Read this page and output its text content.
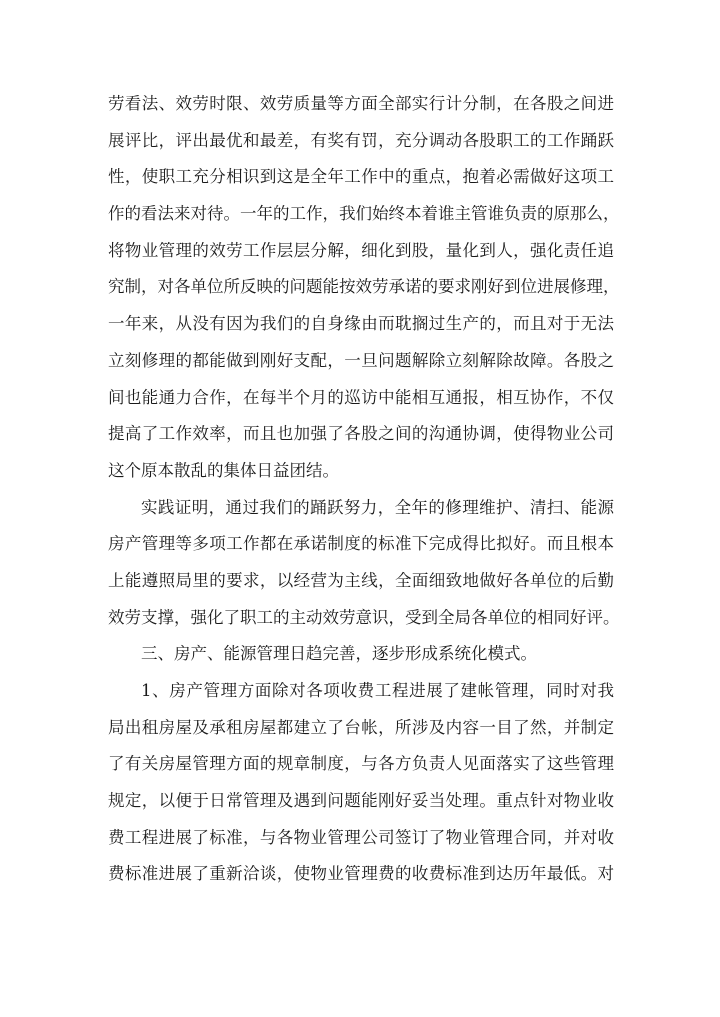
劳看法、效劳时限、效劳质量等方面全部实行计分制，在各股之间进
展评比，评出最优和最差，有奖有罚，充分调动各股职工的工作踊跃
性，使职工充分相识到这是全年工作中的重点，抱着必需做好这项工
作的看法来对待。一年的工作，我们始终本着谁主管谁负责的原那么，
将物业管理的效劳工作层层分解，细化到股，量化到人，强化责任追
究制，对各单位所反映的问题能按效劳承诺的要求刚好到位进展修理，
一年来，从没有因为我们的自身缘由而耽搁过生产的，而且对于无法
立刻修理的都能做到刚好支配，一旦问题解除立刻解除故障。各股之
间也能通力合作，在每半个月的巡访中能相互通报，相互协作，不仅
提高了工作效率，而且也加强了各股之间的沟通协调，使得物业公司
这个原本散乱的集体日益团结。
实践证明，通过我们的踊跃努力，全年的修理维护、清扫、能源
房产管理等多项工作都在承诺制度的标准下完成得比拟好。而且根本
上能遵照局里的要求，以经营为主线，全面细致地做好各单位的后勤
效劳支撑，强化了职工的主动效劳意识，受到全局各单位的相同好评。
三、房产、能源管理日趋完善，逐步形成系统化模式。
1、房产管理方面除对各项收费工程进展了建帐管理，同时对我
局出租房屋及承租房屋都建立了台帐，所涉及内容一目了然，并制定
了有关房屋管理方面的规章制度，与各方负责人见面落实了这些管理
规定，以便于日常管理及遇到问题能刚好妥当处理。重点针对物业收
费工程进展了标准，与各物业管理公司签订了物业管理合同，并对收
费标准进展了重新洽谈，使物业管理费的收费标准到达历年最低。对
